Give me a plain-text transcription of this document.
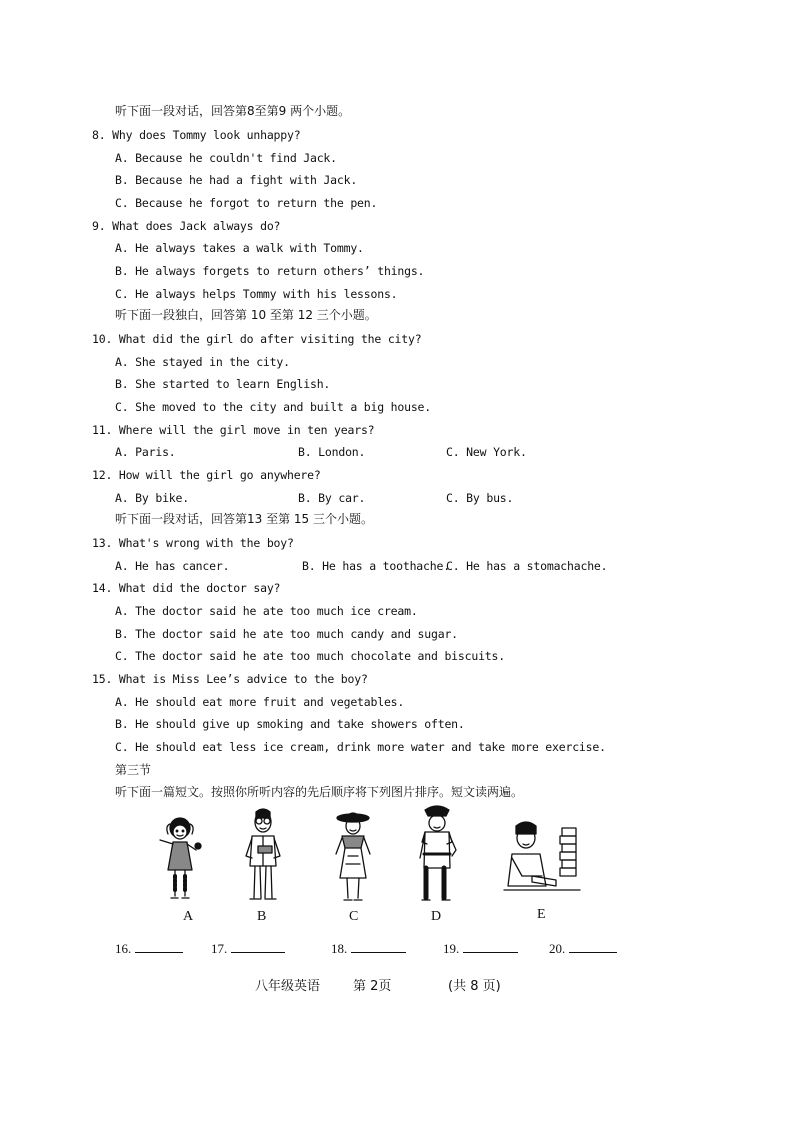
听下面一段对话，回答第8至第9 两个小题。
8. Why does Tommy look unhappy?
A. Because he couldn't find Jack.
B. Because he had a fight with Jack.
C. Because he forgot to return the pen.
9. What does Jack always do?
A. He always takes a walk with Tommy.
B. He always forgets to return others’ things.
C. He always helps Tommy with his lessons.
听下面一段独白，回答第 10 至第 12 三个小题。
10. What did the girl do after visiting the city?
A. She stayed in the city.
B. She started to learn English.
C. She moved to the city and built a big house.
11. Where will the girl move in ten years?
A. Paris.	B. London.	C. New York.
12. How will the girl go anywhere?
A. By bike.	B. By car.	C. By bus.
听下面一段对话，回答第13 至第 15 三个小题。
13. What's wrong with the boy?
A. He has cancer.	B. He has a toothache.
C. He has a stomachache.
14. What did the doctor say?
A. The doctor said he ate too much ice cream.
B. The doctor said he ate too much candy and sugar.
C. The doctor said he ate too much chocolate and biscuits.
15. What is Miss Lee’s advice to the boy?
A. He should eat more fruit and vegetables.
B. He should give up smoking and take showers often.
C. He should eat less ice cream, drink more water and take more exercise.
第三节
听下面一篇短文。按照你所听内容的先后顺序将下列图片排序。短文读两遍。
A	B	C	D	E
16.	17.	18.	19.	20.
八年级英语	第 2页	(共 8 页)
